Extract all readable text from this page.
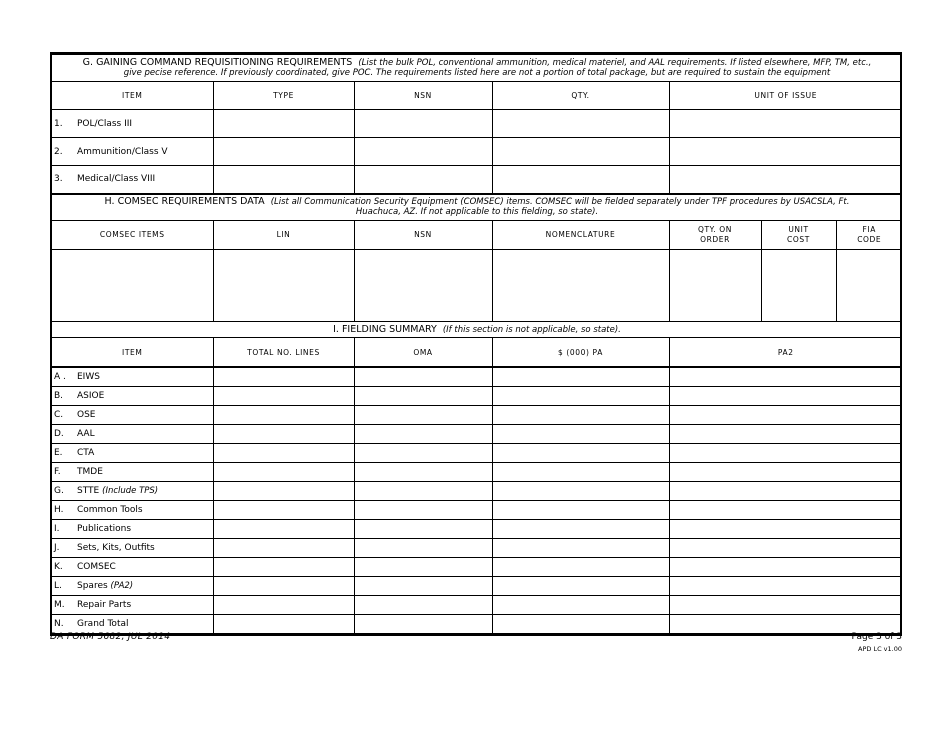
G. GAINING COMMAND REQUISITIONING REQUIREMENTS (List the bulk POL, conventional ammunition, medical materiel, and AAL requirements. If listed elsewhere, MFP, TM, etc., give pecise reference. If previously coordinated, give POC. The requirements listed here are not a portion of total package, but are required to sustain the equipment						
ITEM	TYPE	NSN	QTY.	UNIT OF ISSUE		
1. POL/Class III						
2. Ammunition/Class V						
3. Medical/Class VIII						
H. COMSEC REQUIREMENTS DATA (List all Communication Security Equipment (COMSEC) items. COMSEC will be fielded separately under TPF procedures by USACSLA, Ft. Huachuca, AZ. If not applicable to this fielding, so state).						
COMSEC ITEMS	LIN	NSN	NOMENCLATURE	QTY. ON ORDER	UNIT COST	FIA CODE

I. FIELDING SUMMARY (If this section is not applicable, so state).						
ITEM	TOTAL NO. LINES	OMA	$ (000) PA	PA2		
A . EIWS				
B. ASIOE				
C. OSE				
D. AAL				
E. CTA				
F. TMDE				
G. STTE (Include TPS)				
H. Common Tools				
I. Publications				
J. Sets, Kits, Outfits				
K. COMSEC				
L. Spares (PA2)				
M. Repair Parts				
N. Grand Total				
DA FORM 5682, JUL 2014	Page 3 of 3
APD LC v1.00
